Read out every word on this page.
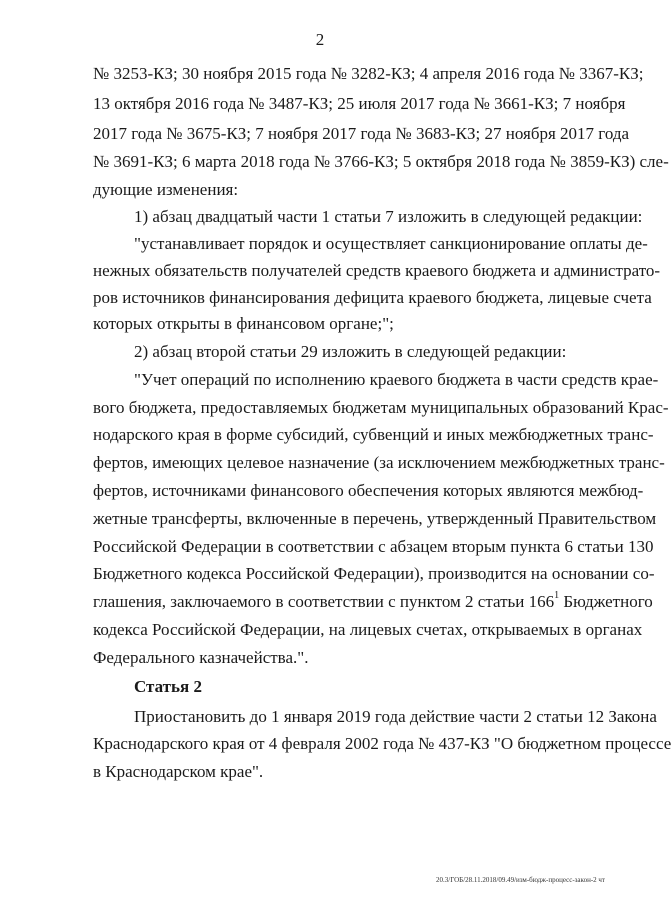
2
№ 3253-КЗ; 30 ноября 2015 года № 3282-КЗ; 4 апреля 2016 года № 3367-КЗ;
13 октября 2016 года № 3487-КЗ; 25 июля 2017 года № 3661-КЗ; 7 ноября
2017 года № 3675-КЗ; 7 ноября 2017 года № 3683-КЗ; 27 ноября 2017 года
№ 3691-КЗ; 6 марта 2018 года № 3766-КЗ; 5 октября 2018 года № 3859-КЗ) сле-
дующие изменения:
1) абзац двадцатый части 1 статьи 7 изложить в следующей редакции:
"устанавливает порядок и осуществляет санкционирование оплаты де-
нежных обязательств получателей средств краевого бюджета и администрато-
ров источников финансирования дефицита краевого бюджета, лицевые счета
которых открыты в финансовом органе;";
2) абзац второй статьи 29 изложить в следующей редакции:
"Учет операций по исполнению краевого бюджета в части средств крае-
вого бюджета, предоставляемых бюджетам муниципальных образований Крас-
нодарского края в форме субсидий, субвенций и иных межбюджетных транс-
фертов, имеющих целевое назначение (за исключением межбюджетных транс-
фертов, источниками финансового обеспечения которых являются межбюд-
жетные трансферты, включенные в перечень, утвержденный Правительством
Российской Федерации в соответствии с абзацем вторым пункта 6 статьи 130
Бюджетного кодекса Российской Федерации), производится на основании со-
глашения, заключаемого в соответствии с пунктом 2 статьи $166^1$ Бюджетного
кодекса Российской Федерации, на лицевых счетах, открываемых в органах
Федерального казначейства.".
Статья 2
Приостановить до 1 января 2019 года действие части 2 статьи 12 Закона
Краснодарского края от 4 февраля 2002 года № 437-КЗ "О бюджетном процессе
в Краснодарском крае".
20.3/ГОБ/28.11.2018/09.49/изм-бюдж-процесс-закон-2 чт
